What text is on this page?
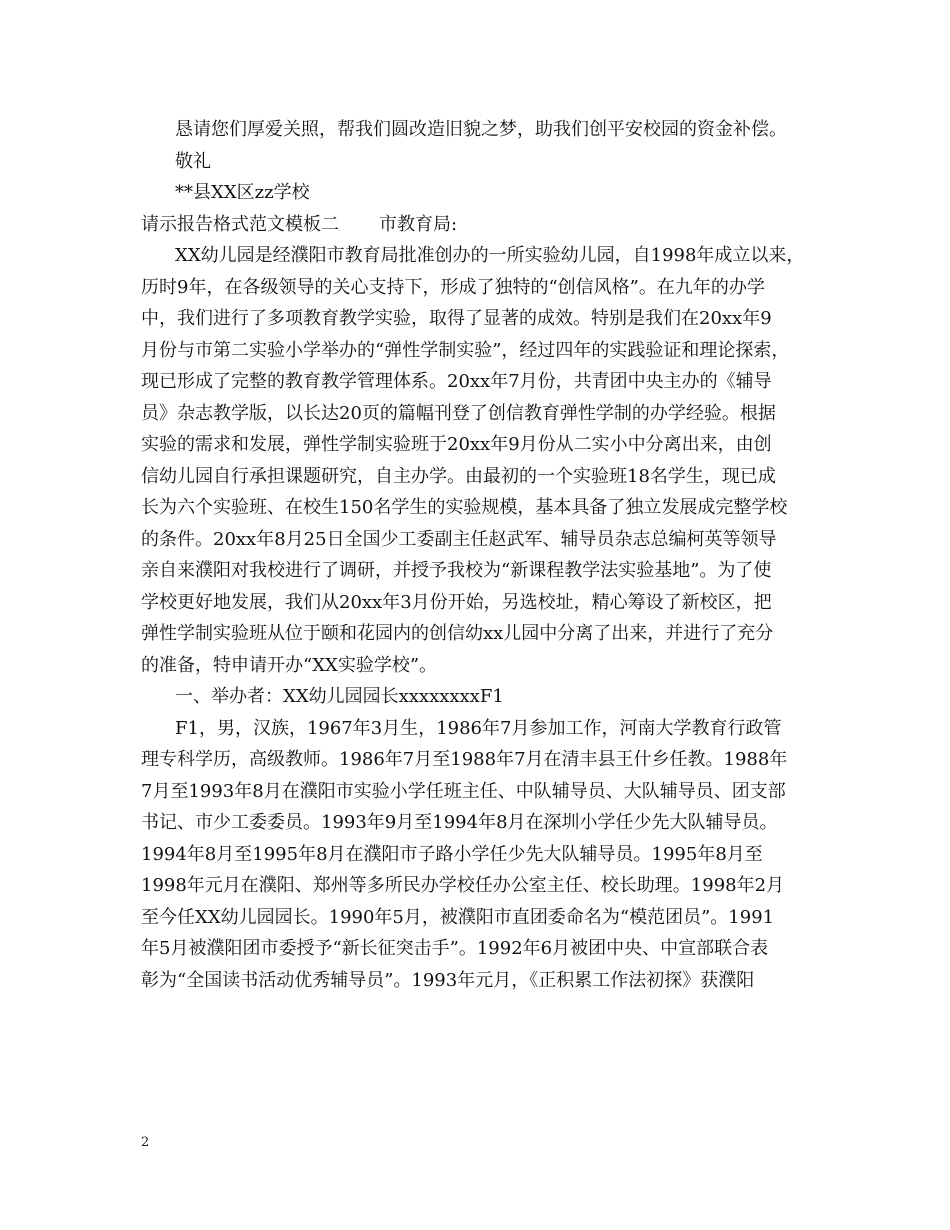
恳请您们厚爱关照，帮我们圆改造旧貌之梦，助我们创平安校园的资金补偿。

敬礼

**县XX区zz学校

请示报告格式范文模板二 市教育局:

XX幼儿园是经濮阳市教育局批准创办的一所实验幼儿园，自1998年成立以来，

历时9年，在各级领导的关心支持下，形成了独特的“创信风格”。在九年的办学

中，我们进行了多项教育教学实验，取得了显著的成效。特别是我们在20xx年9

月份与市第二实验小学举办的“弹性学制实验”，经过四年的实践验证和理论探索，

现已形成了完整的教育教学管理体系。20xx年7月份，共青团中央主办的《辅导

员》杂志教学版，以长达20页的篇幅刊登了创信教育弹性学制的办学经验。根据

实验的需求和发展，弹性学制实验班于20xx年9月份从二实小中分离出来，由创

信幼儿园自行承担课题研究，自主办学。由最初的一个实验班18名学生，现已成

长为六个实验班、在校生150名学生的实验规模，基本具备了独立发展成完整学校

的条件。20xx年8月25日全国少工委副主任赵武军、辅导员杂志总编柯英等领导

亲自来濮阳对我校进行了调研，并授予我校为“新课程教学法实验基地”。为了使

学校更好地发展，我们从20xx年3月份开始，另选校址，精心筹设了新校区，把

弹性学制实验班从位于颐和花园内的创信幼xx儿园中分离了出来，并进行了充分

的准备，特申请开办“XX实验学校”。

一、举办者：XX幼儿园园长xxxxxxxxF1

F1，男，汉族，1967年3月生，1986年7月参加工作，河南大学教育行政管

理专科学历，高级教师。1986年7月至1988年7月在清丰县王什乡任教。1988年

7月至1993年8月在濮阳市实验小学任班主任、中队辅导员、大队辅导员、团支部

书记、市少工委委员。1993年9月至1994年8月在深圳小学任少先大队辅导员。

1994年8月至1995年8月在濮阳市子路小学任少先大队辅导员。1995年8月至

1998年元月在濮阳、郑州等多所民办学校任办公室主任、校长助理。1998年2月

至今任XX幼儿园园长。1990年5月，被濮阳市直团委命名为“模范团员”。1991

年5月被濮阳团市委授予“新长征突击手”。1992年6月被团中央、中宣部联合表

彰为“全国读书活动优秀辅导员”。1993年元月，《正积累工作法初探》获濮阳

2
